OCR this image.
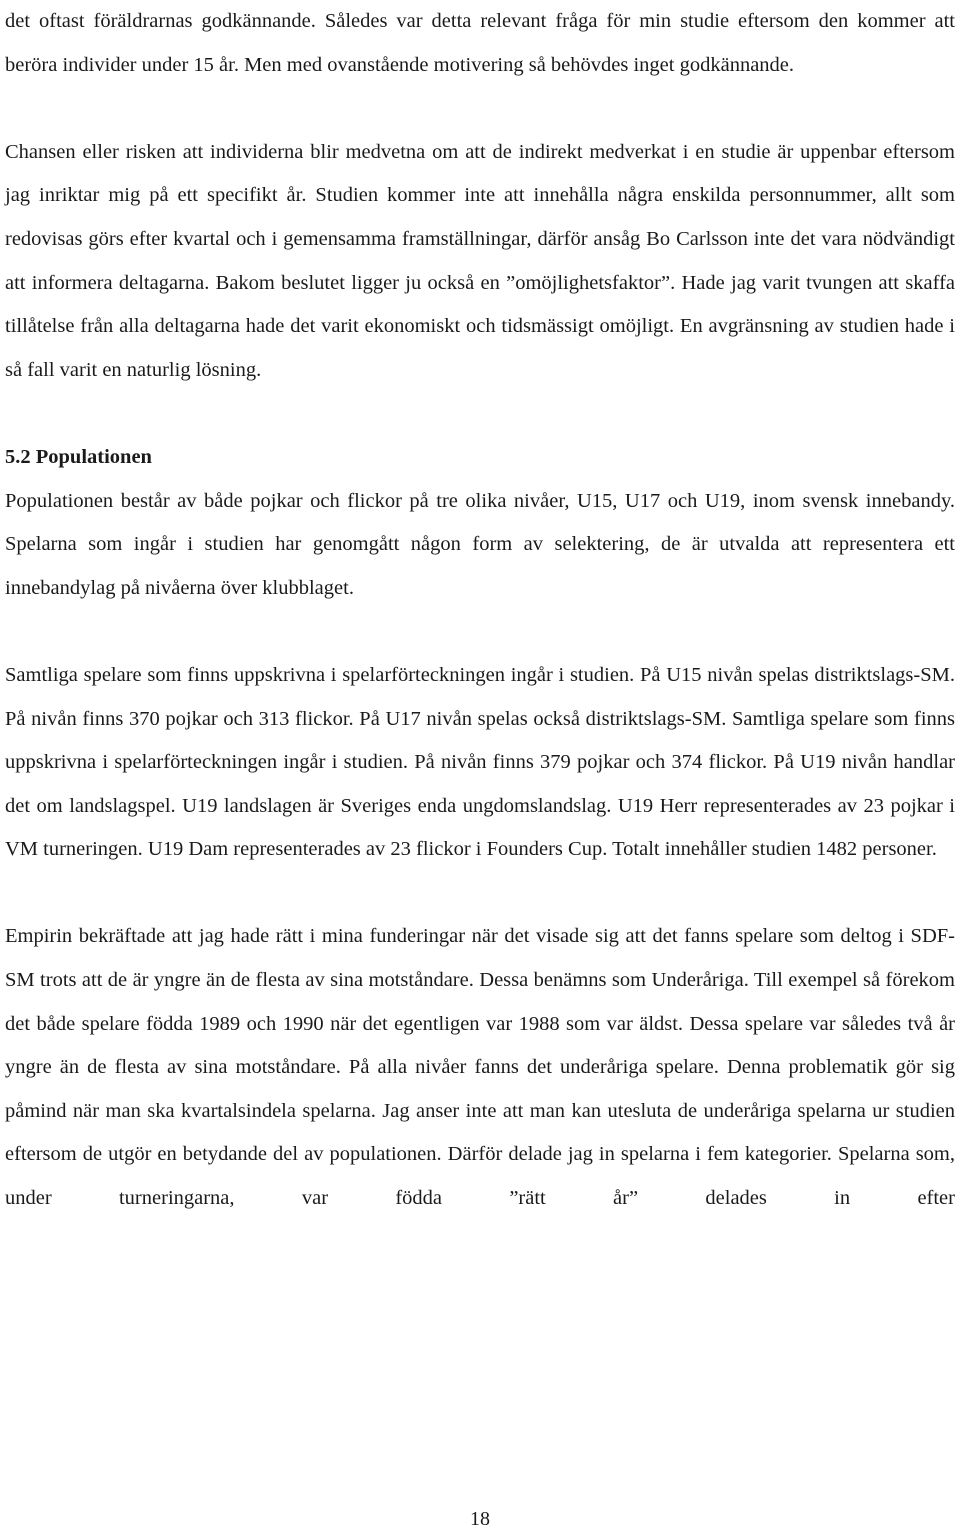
det oftast föräldrarnas godkännande. Således var detta relevant fråga för min studie eftersom den kommer att beröra individer under 15 år. Men med ovanstående motivering så behövdes inget godkännande.

Chansen eller risken att individerna blir medvetna om att de indirekt medverkat i en studie är uppenbar eftersom jag inriktar mig på ett specifikt år. Studien kommer inte att innehålla några enskilda personnummer, allt som redovisas görs efter kvartal och i gemensamma framställningar, därför ansåg Bo Carlsson inte det vara nödvändigt att informera deltagarna. Bakom beslutet ligger ju också en ”omöjlighetsfaktor”. Hade jag varit tvungen att skaffa tillåtelse från alla deltagarna hade det varit ekonomiskt och tidsmässigt omöjligt. En avgränsning av studien hade i så fall varit en naturlig lösning.

5.2 Populationen

Populationen består av både pojkar och flickor på tre olika nivåer, U15, U17 och U19, inom svensk innebandy. Spelarna som ingår i studien har genomgått någon form av selektering, de är utvalda att representera ett innebandylag på nivåerna över klubblaget.

Samtliga spelare som finns uppskrivna i spelarförteckningen ingår i studien. På U15 nivån spelas distriktslags-SM. På nivån finns 370 pojkar och 313 flickor. På U17 nivån spelas också distriktslags-SM. Samtliga spelare som finns uppskrivna i spelarförteckningen ingår i studien. På nivån finns 379 pojkar och 374 flickor. På U19 nivån handlar det om landslagspel. U19 landslagen är Sveriges enda ungdomslandslag. U19 Herr representerades av 23 pojkar i VM turneringen. U19 Dam representerades av 23 flickor i Founders Cup. Totalt innehåller studien 1482 personer.

Empirin bekräftade att jag hade rätt i mina funderingar när det visade sig att det fanns spelare som deltog i SDF-SM trots att de är yngre än de flesta av sina motståndare. Dessa benämns som Underåriga. Till exempel så förekom det både spelare födda 1989 och 1990 när det egentligen var 1988 som var äldst. Dessa spelare var således två år yngre än de flesta av sina motståndare. På alla nivåer fanns det underåriga spelare. Denna problematik gör sig påmind när man ska kvartalsindela spelarna. Jag anser inte att man kan utesluta de underåriga spelarna ur studien eftersom de utgör en betydande del av populationen. Därför delade jag in spelarna i fem kategorier. Spelarna som, under turneringarna, var födda ”rätt år” delades in efter

18
